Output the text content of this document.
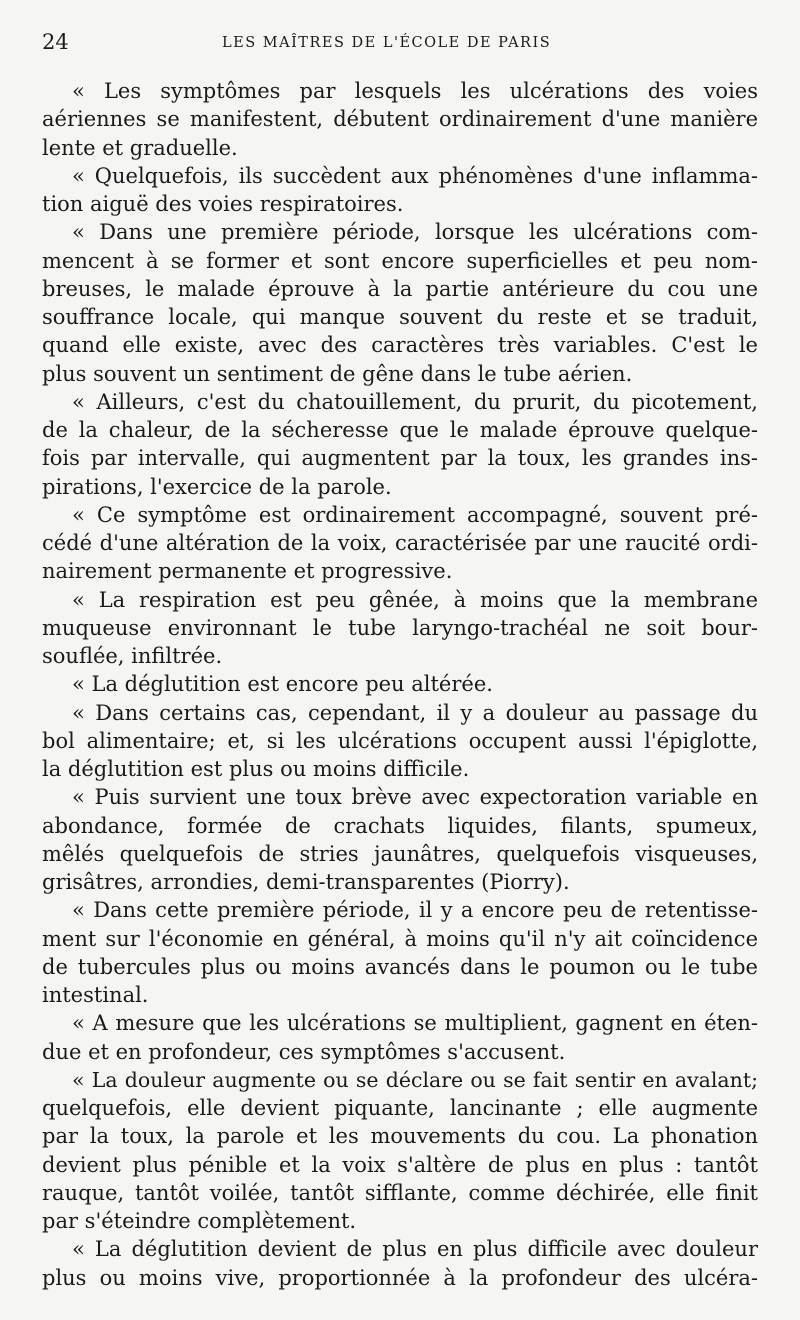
24	LES MAÎTRES DE L'ÉCOLE DE PARIS
« Les symptômes par lesquels les ulcérations des voies
aériennes se manifestent, débutent ordinairement d'une manière
lente et graduelle.
« Quelquefois, ils succèdent aux phénomènes d'une inflamma-
tion aiguë des voies respiratoires.
« Dans une première période, lorsque les ulcérations com-
mencent à se former et sont encore superficielles et peu nom-
breuses, le malade éprouve à la partie antérieure du cou une
souffrance locale, qui manque souvent du reste et se traduit,
quand elle existe, avec des caractères très variables. C'est le
plus souvent un sentiment de gêne dans le tube aérien.
« Ailleurs, c'est du chatouillement, du prurit, du picotement,
de la chaleur, de la sécheresse que le malade éprouve quelque-
fois par intervalle, qui augmentent par la toux, les grandes ins-
pirations, l'exercice de la parole.
« Ce symptôme est ordinairement accompagné, souvent pré-
cédé d'une altération de la voix, caractérisée par une raucité ordi-
nairement permanente et progressive.
« La respiration est peu gênée, à moins que la membrane
muqueuse environnant le tube laryngo-trachéal ne soit bour-
souflée, infiltrée.
« La déglutition est encore peu altérée.
« Dans certains cas, cependant, il y a douleur au passage du
bol alimentaire; et, si les ulcérations occupent aussi l'épiglotte,
la déglutition est plus ou moins difficile.
« Puis survient une toux brève avec expectoration variable en
abondance, formée de crachats liquides, filants, spumeux,
mêlés quelquefois de stries jaunâtres, quelquefois visqueuses,
grisâtres, arrondies, demi-transparentes (Piorry).
« Dans cette première période, il y a encore peu de retentisse-
ment sur l'économie en général, à moins qu'il n'y ait coïncidence
de tubercules plus ou moins avancés dans le poumon ou le tube
intestinal.
« A mesure que les ulcérations se multiplient, gagnent en éten-
due et en profondeur, ces symptômes s'accusent.
« La douleur augmente ou se déclare ou se fait sentir en avalant;
quelquefois, elle devient piquante, lancinante ; elle augmente
par la toux, la parole et les mouvements du cou. La phonation
devient plus pénible et la voix s'altère de plus en plus : tantôt
rauque, tantôt voilée, tantôt sifflante, comme déchirée, elle finit
par s'éteindre complètement.
« La déglutition devient de plus en plus difficile avec douleur
plus ou moins vive, proportionnée à la profondeur des ulcéra-
